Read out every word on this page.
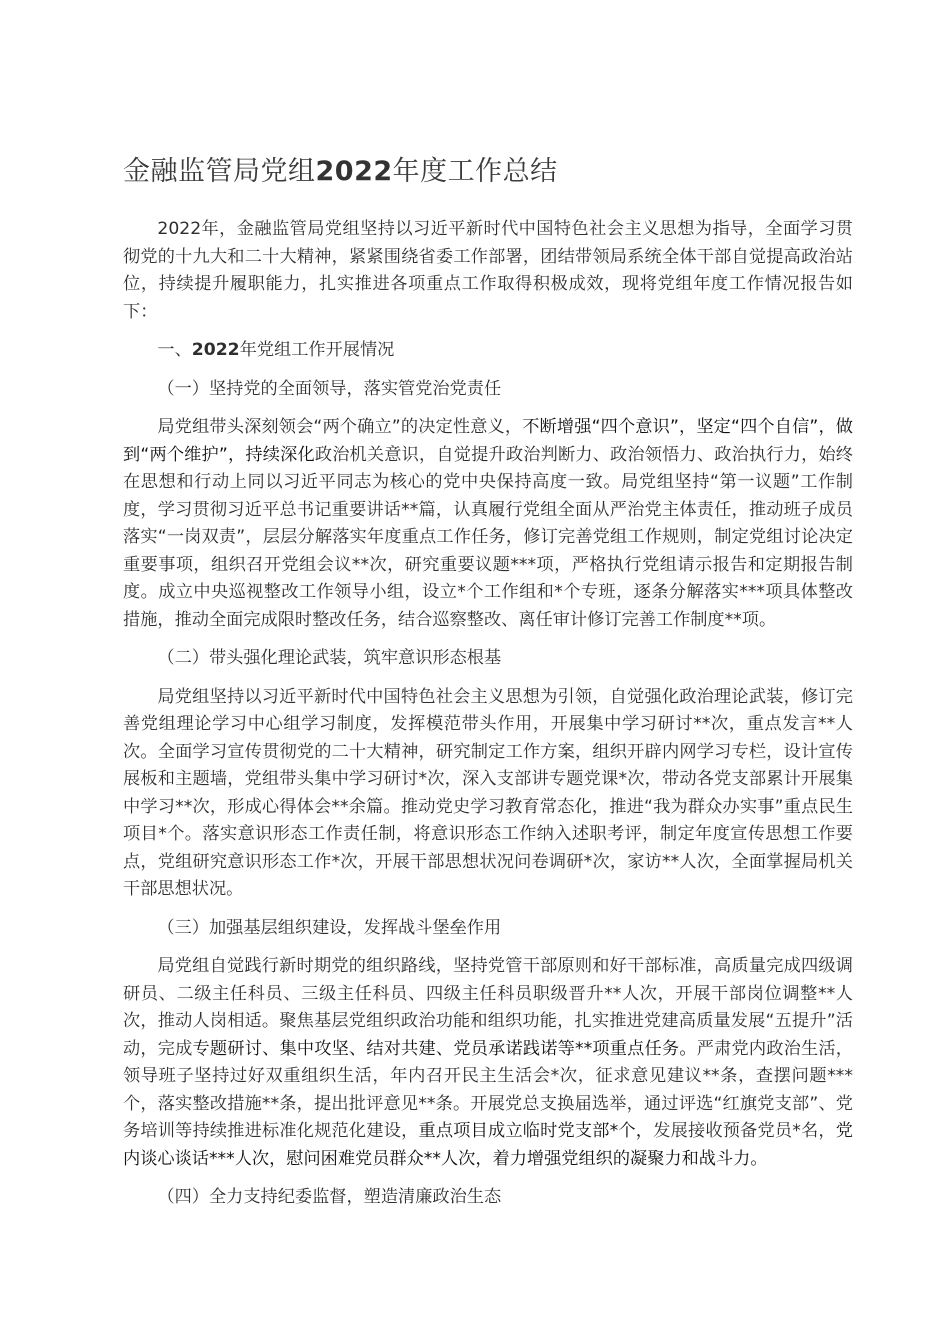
金融监管局党组2022年度工作总结

2022年，金融监管局党组坚持以习近平新时代中国特色社会主义思想为指导，全面学习贯彻党的十九大和二十大精神，紧紧围绕省委工作部署，团结带领局系统全体干部自觉提高政治站位，持续提升履职能力，扎实推进各项重点工作取得积极成效，现将党组年度工作情况报告如下：

一、2022年党组工作开展情况

（一）坚持党的全面领导，落实管党治党责任

局党组带头深刻领会“两个确立”的决定性意义，不断增强“四个意识”，坚定“四个自信”，做到“两个维护”，持续深化政治机关意识，自觉提升政治判断力、政治领悟力、政治执行力，始终在思想和行动上同以习近平同志为核心的党中央保持高度一致。局党组坚持“第一议题”工作制度，学习贯彻习近平总书记重要讲话**篇，认真履行党组全面从严治党主体责任，推动班子成员落实“一岗双责”，层层分解落实年度重点工作任务，修订完善党组工作规则，制定党组讨论决定重要事项，组织召开党组会议**次，研究重要议题***项，严格执行党组请示报告和定期报告制度。成立中央巡视整改工作领导小组，设立*个工作组和*个专班，逐条分解落实***项具体整改措施，推动全面完成限时整改任务，结合巡察整改、离任审计修订完善工作制度**项。

（二）带头强化理论武装，筑牢意识形态根基

局党组坚持以习近平新时代中国特色社会主义思想为引领，自觉强化政治理论武装，修订完善党组理论学习中心组学习制度，发挥模范带头作用，开展集中学习研讨**次，重点发言**人次。全面学习宣传贯彻党的二十大精神，研究制定工作方案，组织开辟内网学习专栏，设计宣传展板和主题墙，党组带头集中学习研讨*次，深入支部讲专题党课*次，带动各党支部累计开展集中学习**次，形成心得体会**余篇。推动党史学习教育常态化，推进“我为群众办实事”重点民生项目*个。落实意识形态工作责任制，将意识形态工作纳入述职考评，制定年度宣传思想工作要点，党组研究意识形态工作*次，开展干部思想状况问卷调研*次，家访**人次，全面掌握局机关干部思想状况。

（三）加强基层组织建设，发挥战斗堡垒作用

局党组自觉践行新时期党的组织路线，坚持党管干部原则和好干部标准，高质量完成四级调研员、二级主任科员、三级主任科员、四级主任科员职级晋升**人次，开展干部岗位调整**人次，推动人岗相适。聚焦基层党组织政治功能和组织功能，扎实推进党建高质量发展“五提升”活动，完成专题研讨、集中攻坚、结对共建、党员承诺践诺等**项重点任务。严肃党内政治生活，领导班子坚持过好双重组织生活，年内召开民主生活会*次，征求意见建议**条，查摆问题***个，落实整改措施**条，提出批评意见**条。开展党总支换届选举，通过评选“红旗党支部”、党务培训等持续推进标准化规范化建设，重点项目成立临时党支部*个，发展接收预备党员*名，党内谈心谈话***人次，慰问困难党员群众**人次，着力增强党组织的凝聚力和战斗力。

（四）全力支持纪委监督，塑造清廉政治生态
